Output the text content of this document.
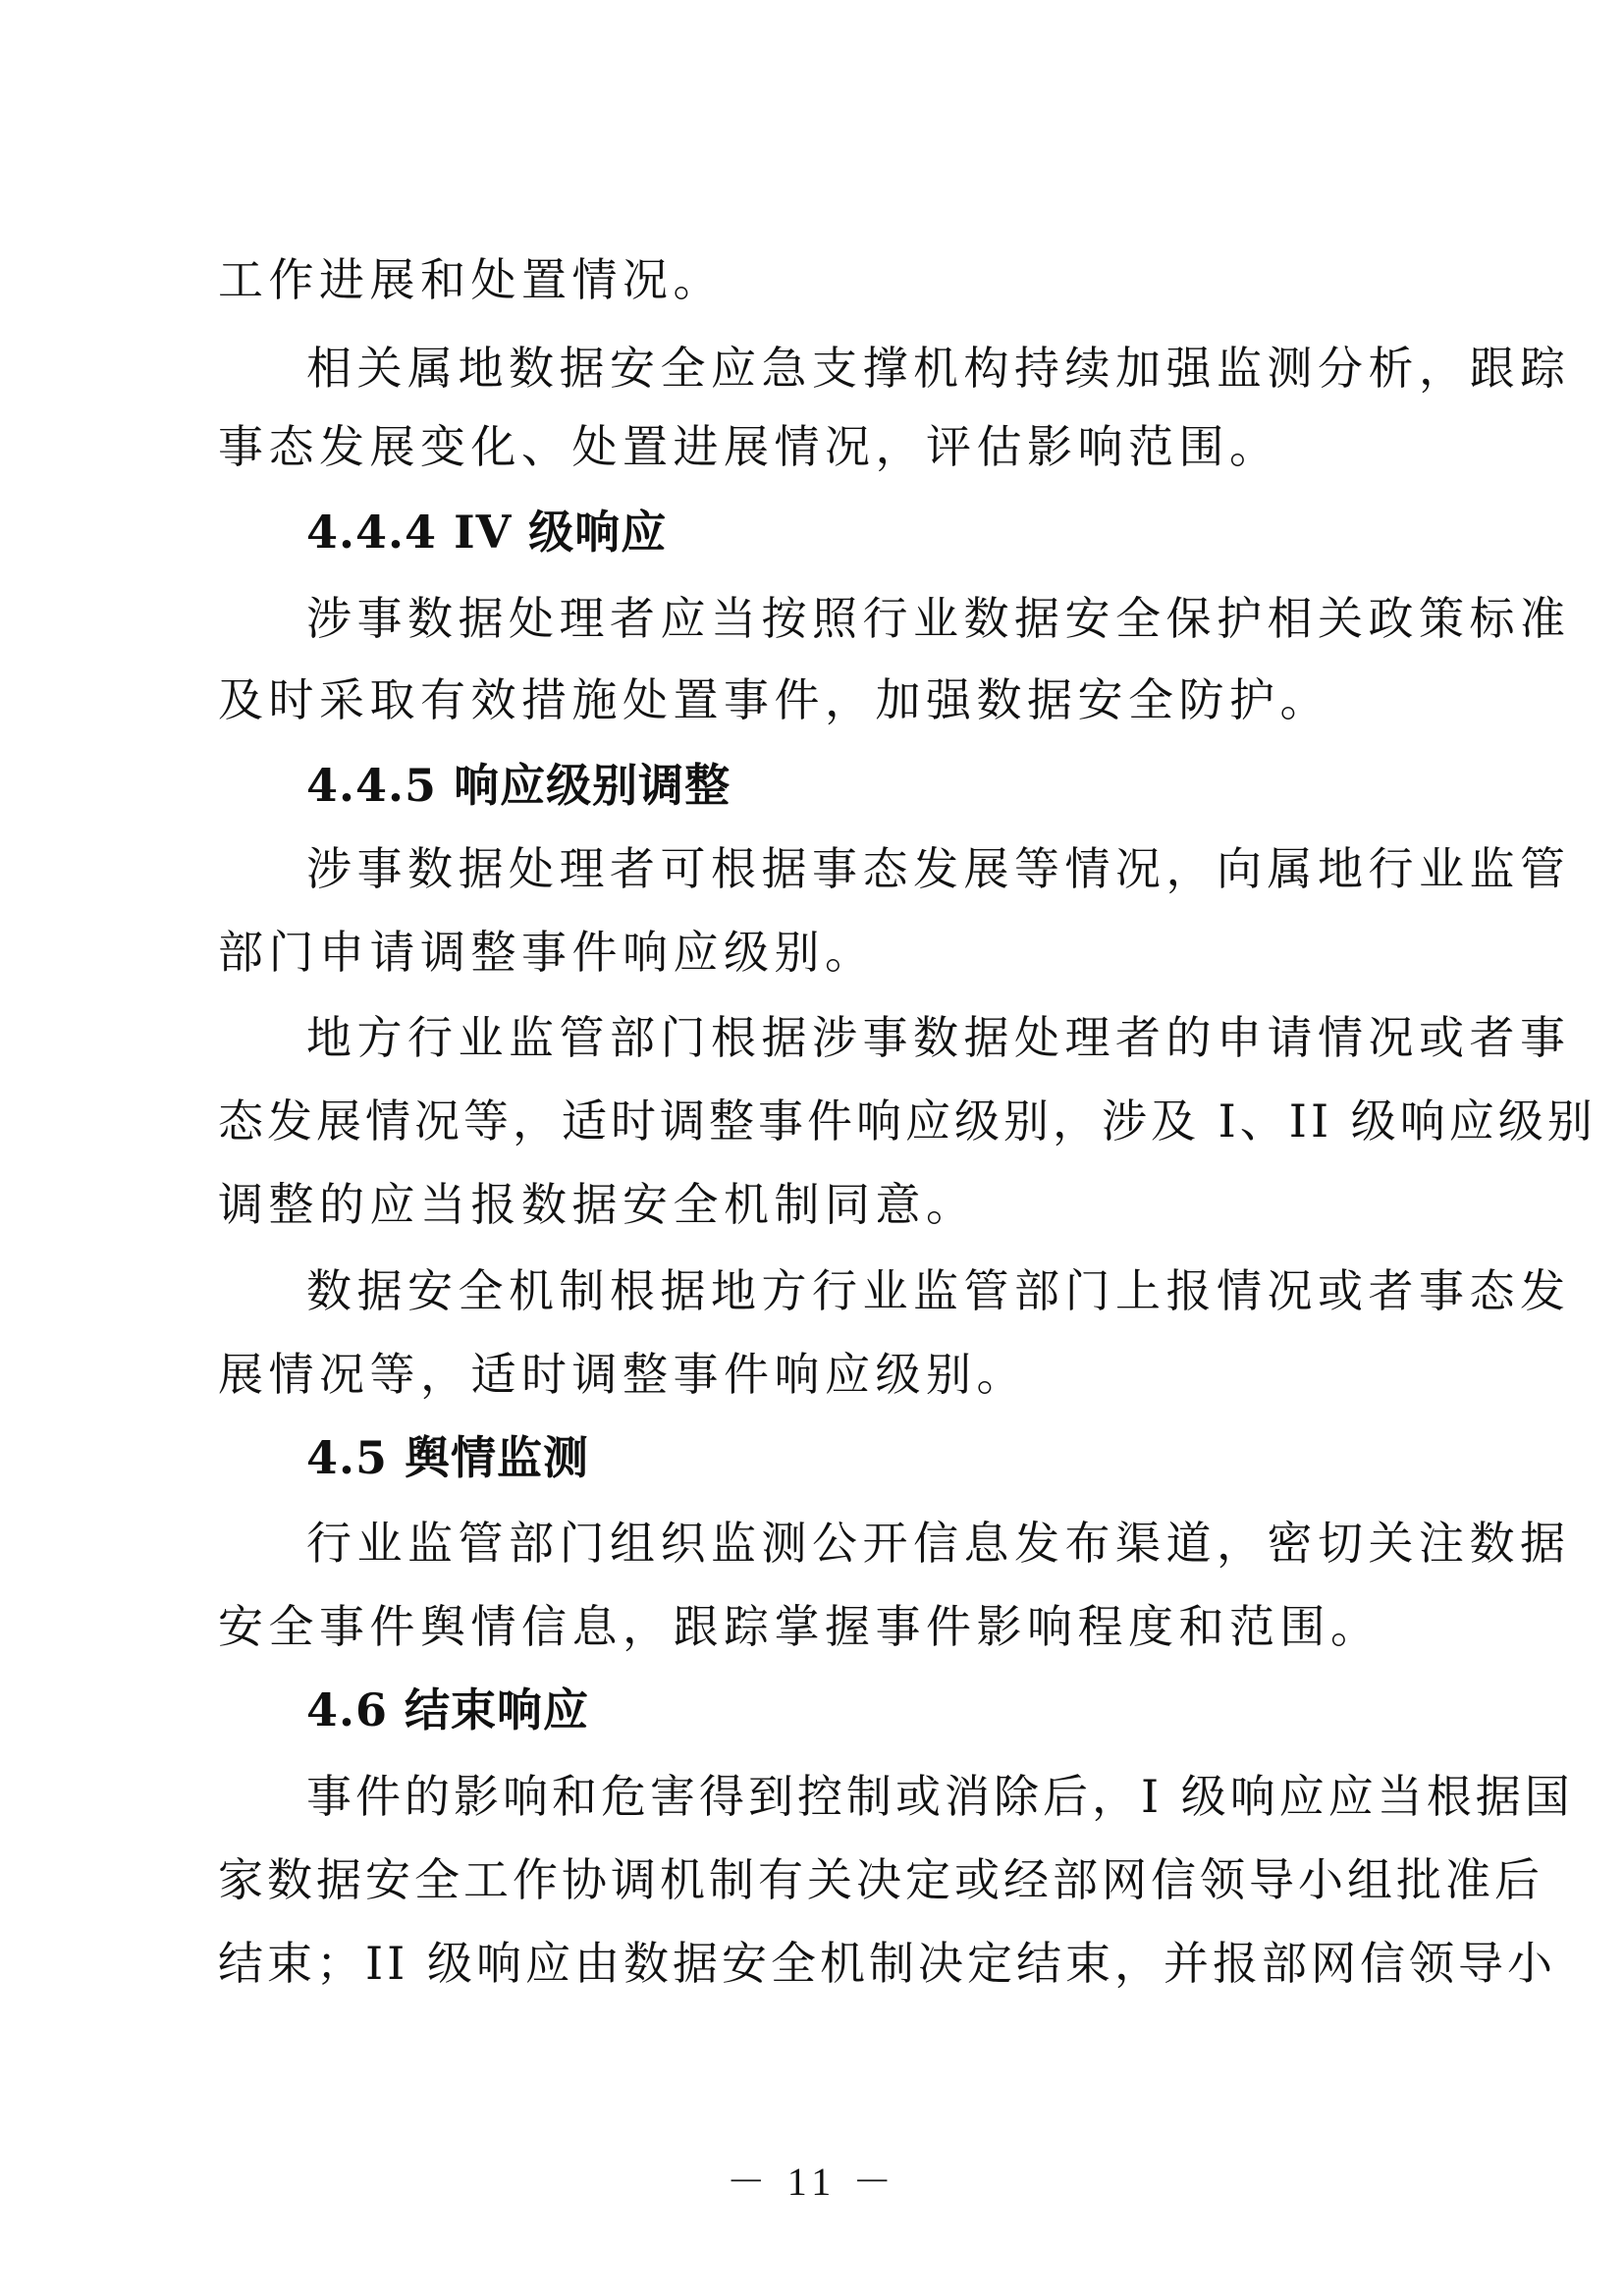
工作进展和处置情况。
相关属地数据安全应急支撑机构持续加强监测分析，跟踪
事态发展变化、处置进展情况，评估影响范围。
4.4.4 IV 级响应
涉事数据处理者应当按照行业数据安全保护相关政策标准
及时采取有效措施处置事件，加强数据安全防护。
4.4.5 响应级别调整
涉事数据处理者可根据事态发展等情况，向属地行业监管
部门申请调整事件响应级别。
地方行业监管部门根据涉事数据处理者的申请情况或者事
态发展情况等，适时调整事件响应级别，涉及 I、II 级响应级别
调整的应当报数据安全机制同意。
数据安全机制根据地方行业监管部门上报情况或者事态发
展情况等，适时调整事件响应级别。
4.5 舆情监测
行业监管部门组织监测公开信息发布渠道，密切关注数据
安全事件舆情信息，跟踪掌握事件影响程度和范围。
4.6 结束响应
事件的影响和危害得到控制或消除后，I 级响应应当根据国
家数据安全工作协调机制有关决定或经部网信领导小组批准后
结束；II 级响应由数据安全机制决定结束，并报部网信领导小
－ 11 －
